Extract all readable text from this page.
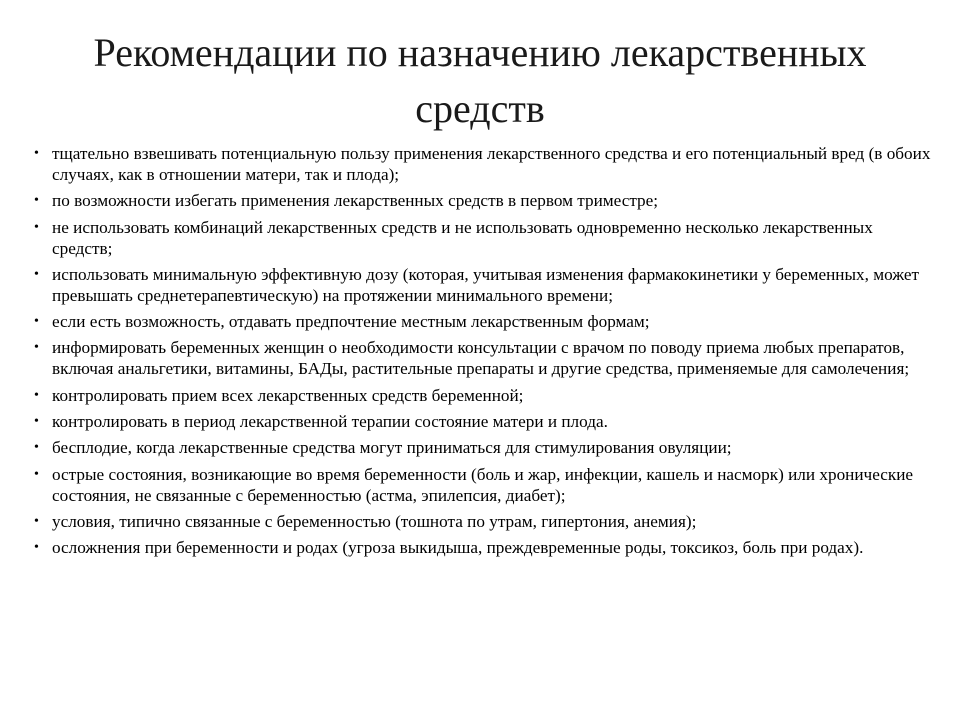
Рекомендации по назначению лекарственных средств
• тщательно взвешивать потенциальную пользу применения лекарственного средства и его потенциальный вред (в обоих случаях, как в отношении матери, так и плода);
• по возможности избегать применения лекарственных средств в первом триместре;
• не использовать комбинаций лекарственных средств и не использовать одновременно несколько лекарственных средств;
• использовать минимальную эффективную дозу (которая, учитывая изменения фармакокинетики у беременных, может превышать среднетерапевтическую) на протяжении минимального времени;
• если есть возможность, отдавать предпочтение местным лекарственным формам;
• информировать беременных женщин о необходимости консультации с врачом по поводу приема любых препаратов, включая анальгетики, витамины, БАДы, растительные препараты и другие средства, применяемые для самолечения;
• контролировать прием всех лекарственных средств беременной;
• контролировать в период лекарственной терапии состояние матери и плода.
• бесплодие, когда лекарственные средства могут приниматься для стимулирования овуляции;
• острые состояния, возникающие во время беременности (боль и жар, инфекции, кашель и насморк) или хронические состояния, не связанные с беременностью (астма, эпилепсия, диабет);
• условия, типично связанные с беременностью (тошнота по утрам, гипертония, анемия);
• осложнения при беременности и родах (угроза выкидыша, преждевременные роды, токсикоз, боль при родах).
